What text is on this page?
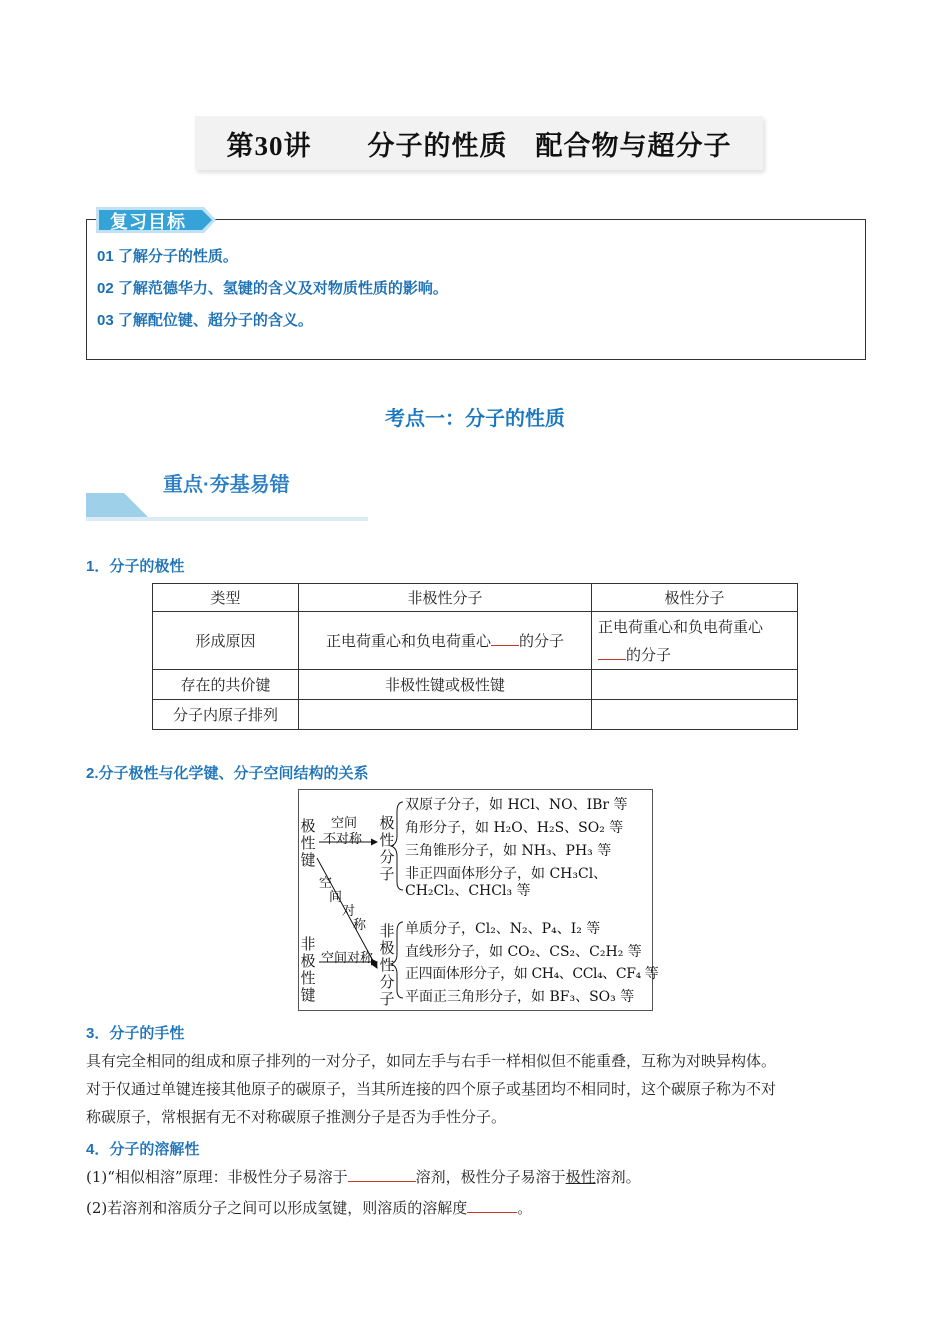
第30讲　　分子的性质　配合物与超分子
复习目标
01 了解分子的性质。
02 了解范德华力、氢键的含义及对物质性质的影响。
03 了解配位键、超分子的含义。
考点一：分子的性质
重点·夯基易错
1．分子的极性
类型	非极性分子	极性分子
形成原因	正电荷重心和负电荷重心 的分子	正电荷重心和负电荷重心
的分子
存在的共价键	非极性键或极性键	
分子内原子排列		
2.分子极性与化学键、分子空间结构的关系
极性键
空间
不对称
极性分子
双原子分子，如 HCl、NO、IBr 等
角形分子，如 H₂O、H₂S、SO₂ 等
三角锥形分子，如 NH₃、PH₃ 等
非正四面体形分子，如 CH₃Cl、
CH₂Cl₂、CHCl₃ 等
空
间
对
称
非极性键
空间对称
非极性分子
单质分子，Cl₂、N₂、P₄、I₂ 等
直线形分子，如 CO₂、CS₂、C₂H₂ 等
正四面体形分子，如 CH₄、CCl₄、CF₄ 等
平面正三角形分子，如 BF₃、SO₃ 等
3．分子的手性
具有完全相同的组成和原子排列的一对分子，如同左手与右手一样相似但不能重叠，互称为对映异构体。
对于仅通过单键连接其他原子的碳原子，当其所连接的四个原子或基团均不相同时，这个碳原子称为不对
称碳原子，常根据有无不对称碳原子推测分子是否为手性分子。
4．分子的溶解性
(1)“相似相溶”原理：非极性分子易溶于	溶剂，极性分子易溶于极性溶剂。
(2)若溶剂和溶质分子之间可以形成氢键，则溶质的溶解度	。
